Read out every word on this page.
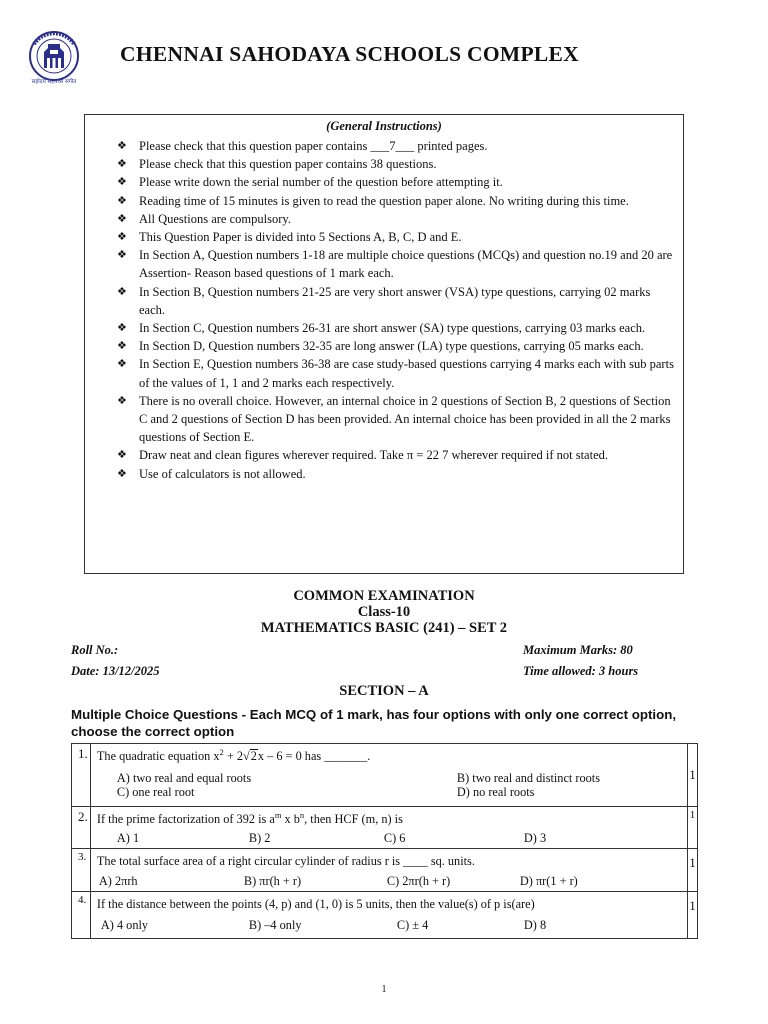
सहोदय सहयात्री संगीत
CHENNAI SAHODAYA SCHOOLS COMPLEX
(General Instructions)
❖ Please check that this question paper contains ___7___ printed pages.
❖ Please check that this question paper contains 38 questions.
❖ Please write down the serial number of the question before attempting it.
❖ Reading time of 15 minutes is given to read the question paper alone. No writing during this time.
❖ All Questions are compulsory.
❖ This Question Paper is divided into 5 Sections A, B, C, D and E.
❖ In Section A, Question numbers 1-18 are multiple choice questions (MCQs) and question no.19 and 20 are Assertion- Reason based questions of 1 mark each.
❖ In Section B, Question numbers 21-25 are very short answer (VSA) type questions, carrying 02 marks each.
❖ In Section C, Question numbers 26-31 are short answer (SA) type questions, carrying 03 marks each.
❖ In Section D, Question numbers 32-35 are long answer (LA) type questions, carrying 05 marks each.
❖ In Section E, Question numbers 36-38 are case study-based questions carrying 4 marks each with sub parts of the values of 1, 1 and 2 marks each respectively.
❖ There is no overall choice. However, an internal choice in 2 questions of Section B, 2 questions of Section C and 2 questions of Section D has been provided. An internal choice has been provided in all the 2 marks questions of Section E.
❖ Draw neat and clean figures wherever required. Take π = 22 7 wherever required if not stated.
❖ Use of calculators is not allowed.
COMMON EXAMINATION
Class-10
MATHEMATICS BASIC (241) – SET 2
Roll No.:	Maximum Marks: 80
Date: 13/12/2025	Time allowed: 3 hours
SECTION – A
Multiple Choice Questions - Each MCQ of 1 mark, has four options with only one correct option, choose the correct option
1.	The quadratic equation $x^2 + 2√2x - 6 = 0$ has _______.
A) two real and equal roots B) two real and distinct roots
C) one real root D) no real roots	1
2.	If the prime factorization of 392 is $a^m$ x $b^n$, then HCF (m, n) is
A) 1 B) 2 C) 6 D) 3	1
3.	The total surface area of a right circular cylinder of radius r is ____ sq. units.
A) 2πrh B) πr(h + r) C) 2πr(h + r) D) πr(1 + r)	1
4.	If the distance between the points (4, p) and (1, 0) is 5 units, then the value(s) of p is(are)
A) 4 only B) –4 only C) ± 4 D) 8	1
1
